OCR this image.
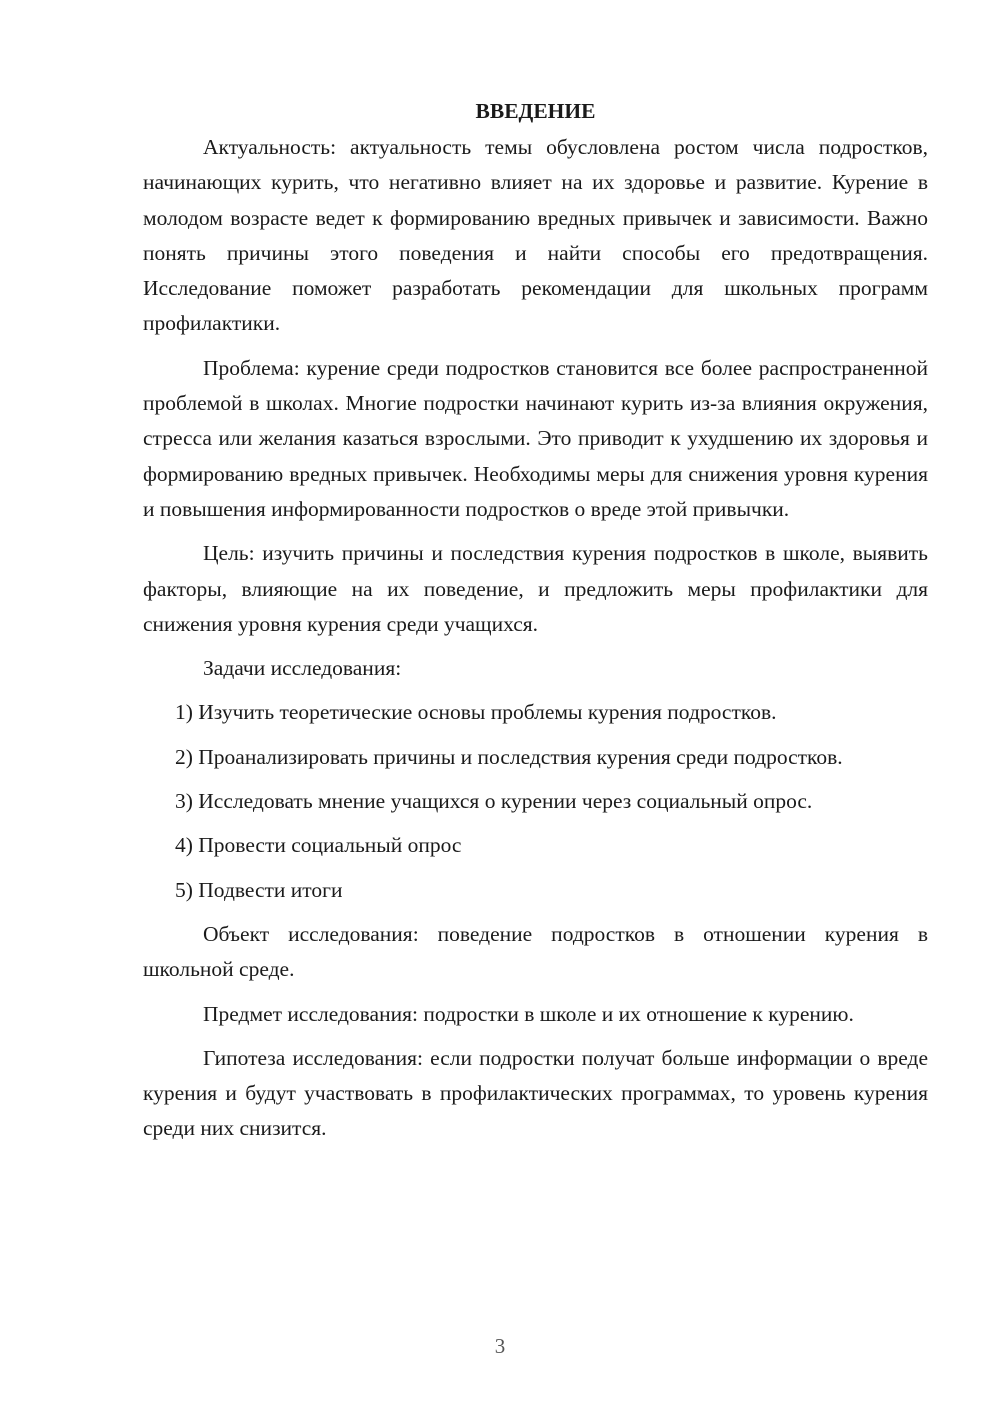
ВВЕДЕНИЕ

Актуальность: актуальность темы обусловлена ростом числа подростков, начинающих курить, что негативно влияет на их здоровье и развитие. Курение в молодом возрасте ведет к формированию вредных привычек и зависимости. Важно понять причины этого поведения и найти способы его предотвращения. Исследование поможет разработать рекомендации для школьных программ профилактики.

Проблема: курение среди подростков становится все более распространенной проблемой в школах. Многие подростки начинают курить из-за влияния окружения, стресса или желания казаться взрослыми. Это приводит к ухудшению их здоровья и формированию вредных привычек. Необходимы меры для снижения уровня курения и повышения информированности подростков о вреде этой привычки.

Цель: изучить причины и последствия курения подростков в школе, выявить факторы, влияющие на их поведение, и предложить меры профилактики для снижения уровня курения среди учащихся.

Задачи исследования:

1) Изучить теоретические основы проблемы курения подростков.

2) Проанализировать причины и последствия курения среди подростков.

3) Исследовать мнение учащихся о курении через социальный опрос.

4) Провести социальный опрос

5) Подвести итоги

Объект исследования: поведение подростков в отношении курения в школьной среде.

Предмет исследования: подростки в школе и их отношение к курению.

Гипотеза исследования: если подростки получат больше информации о вреде курения и будут участвовать в профилактических программах, то уровень курения среди них снизится.

3
